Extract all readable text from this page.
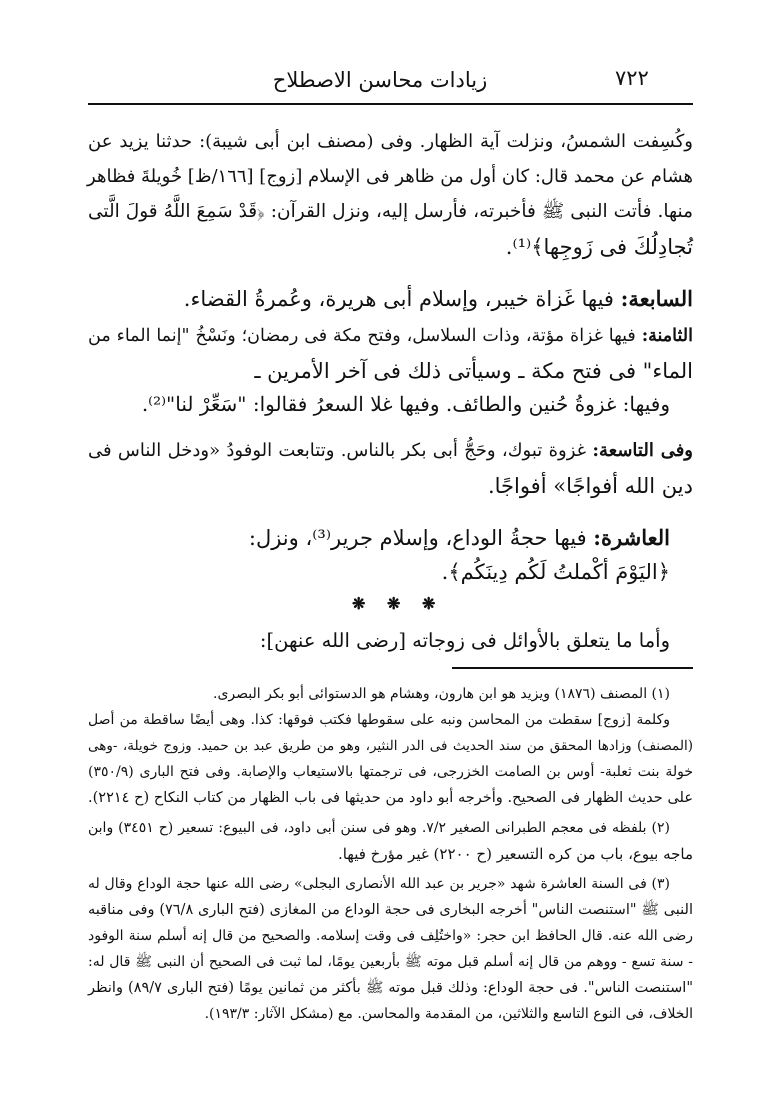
٧٢٢
زيادات محاسن الاصطلاح
وكُسِفت الشمسُ، ونزلت آية الظهار. وفى (مصنف ابن أبى شيبة): حدثنا يزيد عن
هشام عن محمد قال: كان أول من ظاهر فى الإسلام [زوج] [١٦٦/ظ] خُويلةَ فظاهر
منها. فأتت النبى ﷺ فأخبرته، فأرسل إليه، ونزل القرآن: ﴿قَدْ سَمِعَ اللَّهُ قولَ الَّتى
تُجادِلُكَ فى زَوجِها﴾⁽¹⁾.
السابعة: فيها غَزاة خيبر، وإسلام أبى هريرة، وعُمرةُ القضاء.
الثامنة: فيها غزاة مؤتة، وذات السلاسل، وفتح مكة فى رمضان؛ ونَسْخُ "إنما الماء من
الماء" فى فتح مكة ـ وسيأتى ذلك فى آخر الأمرين ـ
وفيها: غزوةُ حُنين والطائف. وفيها غلا السعرُ فقالوا: "سَعِّرْ لنا"⁽²⁾.
وفى التاسعة: غزوة تبوك، وحَجُّ أبى بكر بالناس. وتتابعت الوفودُ «ودخل الناس فى
دين الله أفواجًا» أفواجًا.
العاشرة: فيها حجةُ الوداع، وإسلام جرير⁽³⁾، ونزل:
﴿اليَوْمَ أكْملتُ لَكُم دِينَكُم﴾.
❋ ❋ ❋
وأما ما يتعلق بالأوائل فى زوجاته [رضى الله عنهن]:
(١) المصنف (١٨٧٦) ويزيد هو ابن هارون، وهشام هو الدستوائى أبو بكر البصرى.
وكلمة [زوج] سقطت من المحاسن ونبه على سقوطها فكتب فوقها: كذا. وهى أيضًا ساقطة من أصل
(المصنف) وزادها المحقق من سند الحديث فى الدر النثير، وهو من طريق عبد بن حميد. وزوج خويلة، -وهى
خولة بنت ثعلبة- أوس بن الصامت الخزرجى، فى ترجمتها بالاستيعاب والإصابة. وفى فتح البارى (٣٥٠/٩)
على حديث الظهار فى الصحيح. وأخرجه أبو داود من حديثها فى باب الظهار من كتاب النكاح (ح ٢٢١٤).
(٢) بلفظه فى معجم الطبرانى الصغير ٧/٢. وهو فى سنن أبى داود، فى البيوع: تسعير (ح ٣٤٥١) وابن
ماجه بيوع، باب من كره التسعير (ح ٢٢٠٠) غير مؤرخ فيها.
(٣) فى السنة العاشرة شهد «جرير بن عبد الله الأنصارى البجلى» رضى الله عنها حجة الوداع وقال له
النبى ﷺ "استنصت الناس" أخرجه البخارى فى حجة الوداع من المغازى (فتح البارى ٧٦/٨) وفى مناقبه
رضى الله عنه. قال الحافظ ابن حجر: «واختُلِف فى وقت إسلامه. والصحيح من قال إنه أسلم سنة الوفود
- سنة تسع - ووهم من قال إنه أسلم قبل موته ﷺ بأربعين يومًا، لما ثبت فى الصحيح أن النبى ﷺ قال له:
"استنصت الناس". فى حجة الوداع: وذلك قبل موته ﷺ بأكثر من ثمانين يومًا (فتح البارى ٨٩/٧) وانظر
الخلاف، فى النوع التاسع والثلاثين، من المقدمة والمحاسن. مع (مشكل الآثار: ١٩٣/٣).
